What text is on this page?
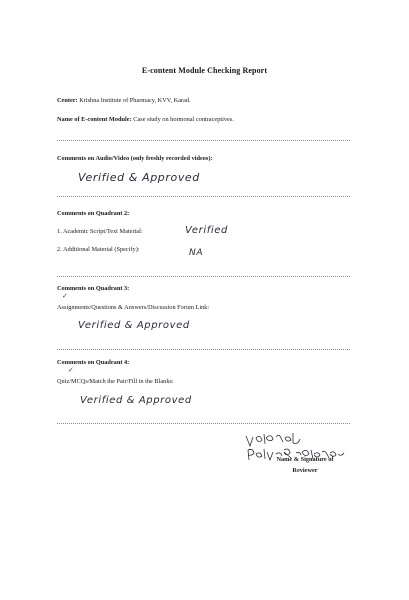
E-content Module Checking Report
Center: Krishna Institute of Pharmacy, KVV, Karad.
Name of E-content Module: Case study on hormonal contraceptives.
Comments on Audio/Video (only freshly recorded videos):
Verified & Approved
Comments on Quadrant 2:
1. Academic Script/Text Material:	Verified
2. Additional Material (Specify):	NA
Comments on Quadrant 3:
✓
Assignments/Questions & Answers/Discussion Forum Link:
Verified & Approved
Comments on Quadrant 4:
✓
Quiz/MCQs/Match the Pair/Fill in the Blanks:
Verified & Approved
Name & Signature of
Reviewer
